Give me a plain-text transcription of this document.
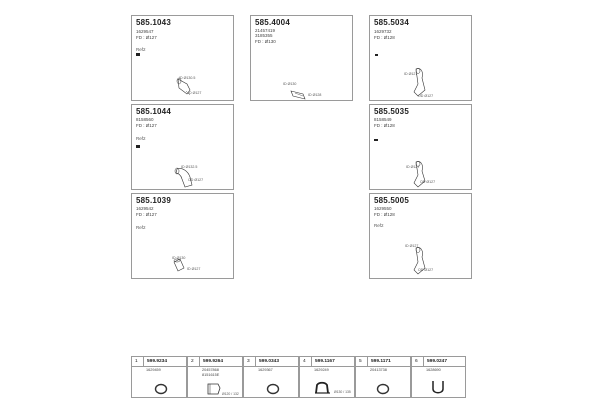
585.1043
1629547
FD : Ø127
Ref2
ID Ø130.5
ID Ø127
585.4004
21457419
3185355
FD : Ø130
ID Ø130
ID Ø128
585.5034
1629732
FD : Ø128
ID Ø127
OD Ø127
585.1044
8158560
FD : Ø127
Ref2
ID Ø132.5
OD Ø127
585.5035
8158549
FD : Ø128
ID Ø127
OD Ø127
585.1039
1629542
FD : Ø127
Ref2
ID Ø130
ID Ø127
585.5005
1629550
FD : Ø128
Ref2
ID Ø127
OD Ø127
1 599.9234
1629459
2 599.9264
20457868
8151615E
Ø120 / 132
3 599.0343
1629367
4 599.1167
1629249
Ø130 / 135
5 599.1171
20413738
6 599.0247
1628690
